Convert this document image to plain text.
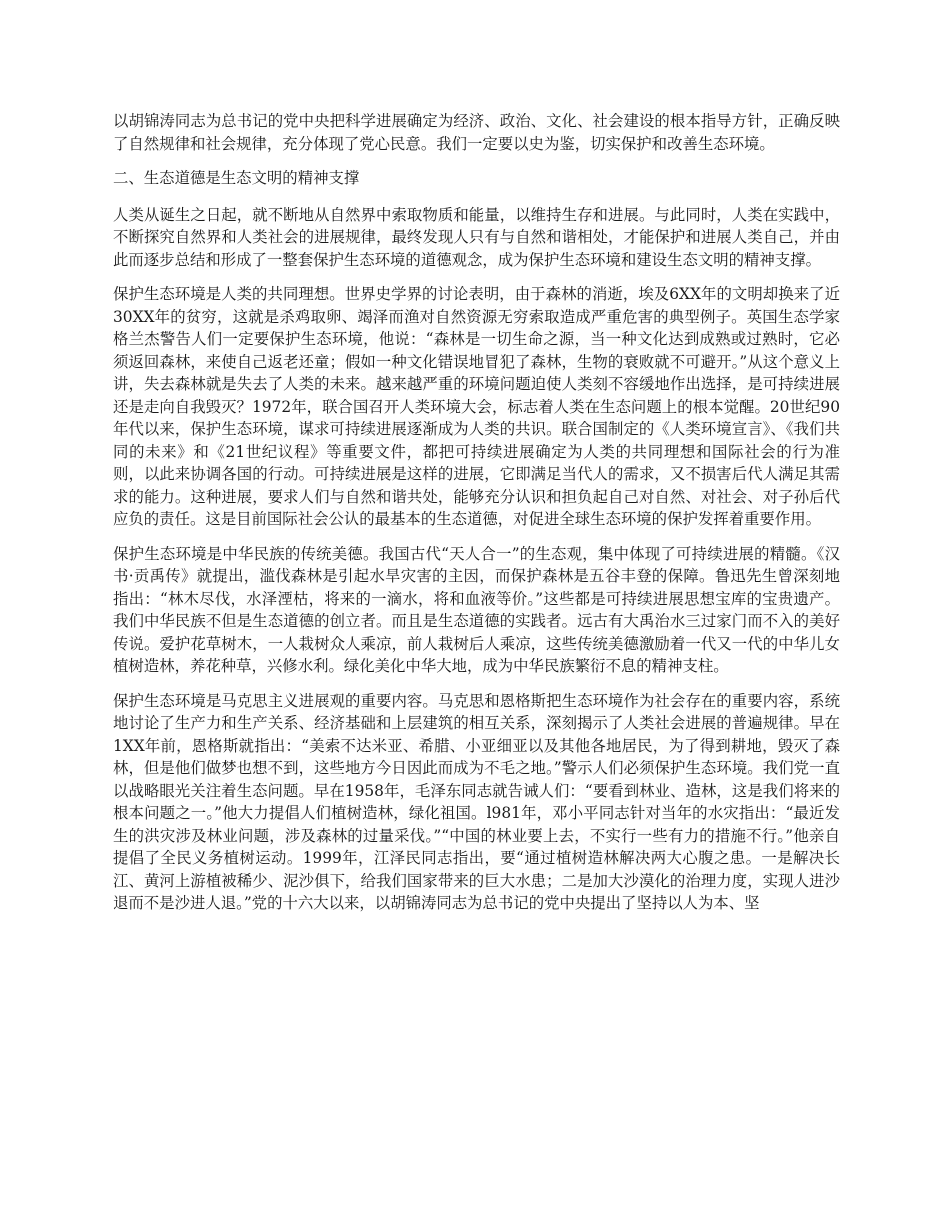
以胡锦涛同志为总书记的党中央把科学进展确定为经济、政治、文化、社会建设的根本指导方针，正确反映了自然规律和社会规律，充分体现了党心民意。我们一定要以史为鉴，切实保护和改善生态环境。

二、生态道德是生态文明的精神支撑

人类从诞生之日起，就不断地从自然界中索取物质和能量，以维持生存和进展。与此同时，人类在实践中，不断探究自然界和人类社会的进展规律，最终发现人只有与自然和谐相处，才能保护和进展人类自己，并由此而逐步总结和形成了一整套保护生态环境的道德观念，成为保护生态环境和建设生态文明的精神支撑。

保护生态环境是人类的共同理想。世界史学界的讨论表明，由于森林的消逝，埃及6XX年的文明却换来了近30XX年的贫穷，这就是杀鸡取卵、竭泽而渔对自然资源无穷索取造成严重危害的典型例子。英国生态学家格兰杰警告人们一定要保护生态环境，他说：“森林是一切生命之源，当一种文化达到成熟或过熟时，它必须返回森林，来使自己返老还童；假如一种文化错误地冒犯了森林，生物的衰败就不可避开。”从这个意义上讲，失去森林就是失去了人类的未来。越来越严重的环境问题迫使人类刻不容缓地作出选择，是可持续进展还是走向自我毁灭？1972年，联合国召开人类环境大会，标志着人类在生态问题上的根本觉醒。20世纪90年代以来，保护生态环境，谋求可持续进展逐渐成为人类的共识。联合国制定的《人类环境宣言》、《我们共同的未来》和《21世纪议程》等重要文件，都把可持续进展确定为人类的共同理想和国际社会的行为准则，以此来协调各国的行动。可持续进展是这样的进展，它即满足当代人的需求，又不损害后代人满足其需求的能力。这种进展，要求人们与自然和谐共处，能够充分认识和担负起自己对自然、对社会、对子孙后代应负的责任。这是目前国际社会公认的最基本的生态道德，对促进全球生态环境的保护发挥着重要作用。

保护生态环境是中华民族的传统美德。我国古代“天人合一”的生态观，集中体现了可持续进展的精髓。《汉书·贡禹传》就提出，滥伐森林是引起水旱灾害的主因，而保护森林是五谷丰登的保障。鲁迅先生曾深刻地指出：“林木尽伐，水泽湮枯，将来的一滴水，将和血液等价。”这些都是可持续进展思想宝库的宝贵遗产。我们中华民族不但是生态道德的创立者。而且是生态道德的实践者。远古有大禹治水三过家门而不入的美好传说。爱护花草树木，一人栽树众人乘凉，前人栽树后人乘凉，这些传统美德激励着一代又一代的中华儿女植树造林，养花种草，兴修水利。绿化美化中华大地，成为中华民族繁衍不息的精神支柱。

保护生态环境是马克思主义进展观的重要内容。马克思和恩格斯把生态环境作为社会存在的重要内容，系统地讨论了生产力和生产关系、经济基础和上层建筑的相互关系，深刻揭示了人类社会进展的普遍规律。早在1XX年前，恩格斯就指出：“美索不达米亚、希腊、小亚细亚以及其他各地居民，为了得到耕地，毁灭了森林，但是他们做梦也想不到，这些地方今日因此而成为不毛之地。”警示人们必须保护生态环境。我们党一直以战略眼光关注着生态问题。早在1958年，毛泽东同志就告诫人们：“要看到林业、造林，这是我们将来的根本问题之一。”他大力提倡人们植树造林，绿化祖国。l981年，邓小平同志针对当年的水灾指出：“最近发生的洪灾涉及林业问题，涉及森林的过量采伐。”“中国的林业要上去，不实行一些有力的措施不行。”他亲自提倡了全民义务植树运动。1999年，江泽民同志指出，要“通过植树造林解决两大心腹之患。一是解决长江、黄河上游植被稀少、泥沙俱下，给我们国家带来的巨大水患；二是加大沙漠化的治理力度，实现人进沙退而不是沙进人退。”党的十六大以来，以胡锦涛同志为总书记的党中央提出了坚持以人为本、坚
